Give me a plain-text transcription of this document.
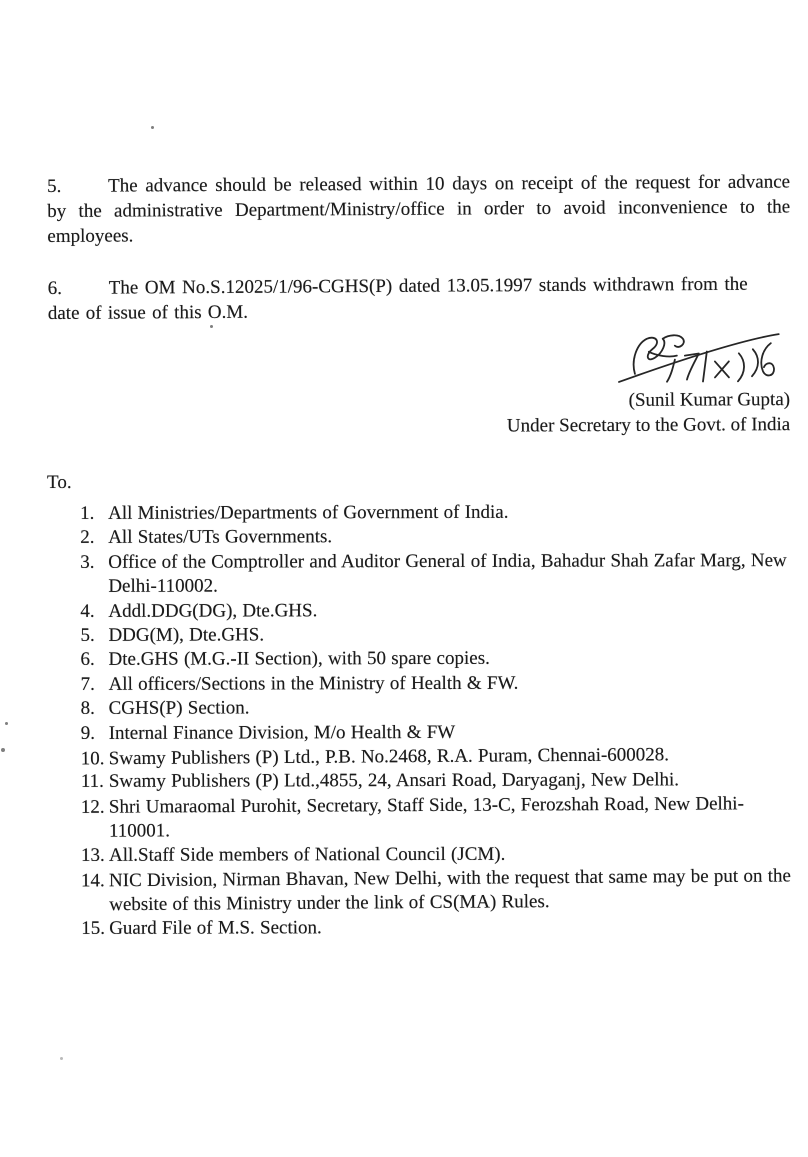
5. The advance should be released within 10 days on receipt of the request for advance by the administrative Department/Ministry/office in order to avoid inconvenience to the employees.

6. The OM No.S.12025/1/96-CGHS(P) dated 13.05.1997 stands withdrawn from the date of issue of this O.M.

(Sunil Kumar Gupta)
Under Secretary to the Govt. of India
To.
1. All Ministries/Departments of Government of India.
2. All States/UTs Governments.
3. Office of the Comptroller and Auditor General of India, Bahadur Shah Zafar Marg, New Delhi-110002.
4. Addl.DDG(DG), Dte.GHS.
5. DDG(M), Dte.GHS.
6. Dte.GHS (M.G.-II Section), with 50 spare copies.
7. All officers/Sections in the Ministry of Health & FW.
8. CGHS(P) Section.
9. Internal Finance Division, M/o Health & FW
10. Swamy Publishers (P) Ltd., P.B. No.2468, R.A. Puram, Chennai-600028.
11. Swamy Publishers (P) Ltd.,4855, 24, Ansari Road, Daryaganj, New Delhi.
12. Shri Umaraomal Purohit, Secretary, Staff Side, 13-C, Ferozshah Road, New Delhi-110001.
13. All.Staff Side members of National Council (JCM).
14. NIC Division, Nirman Bhavan, New Delhi, with the request that same may be put on the website of this Ministry under the link of CS(MA) Rules.
15. Guard File of M.S. Section.
